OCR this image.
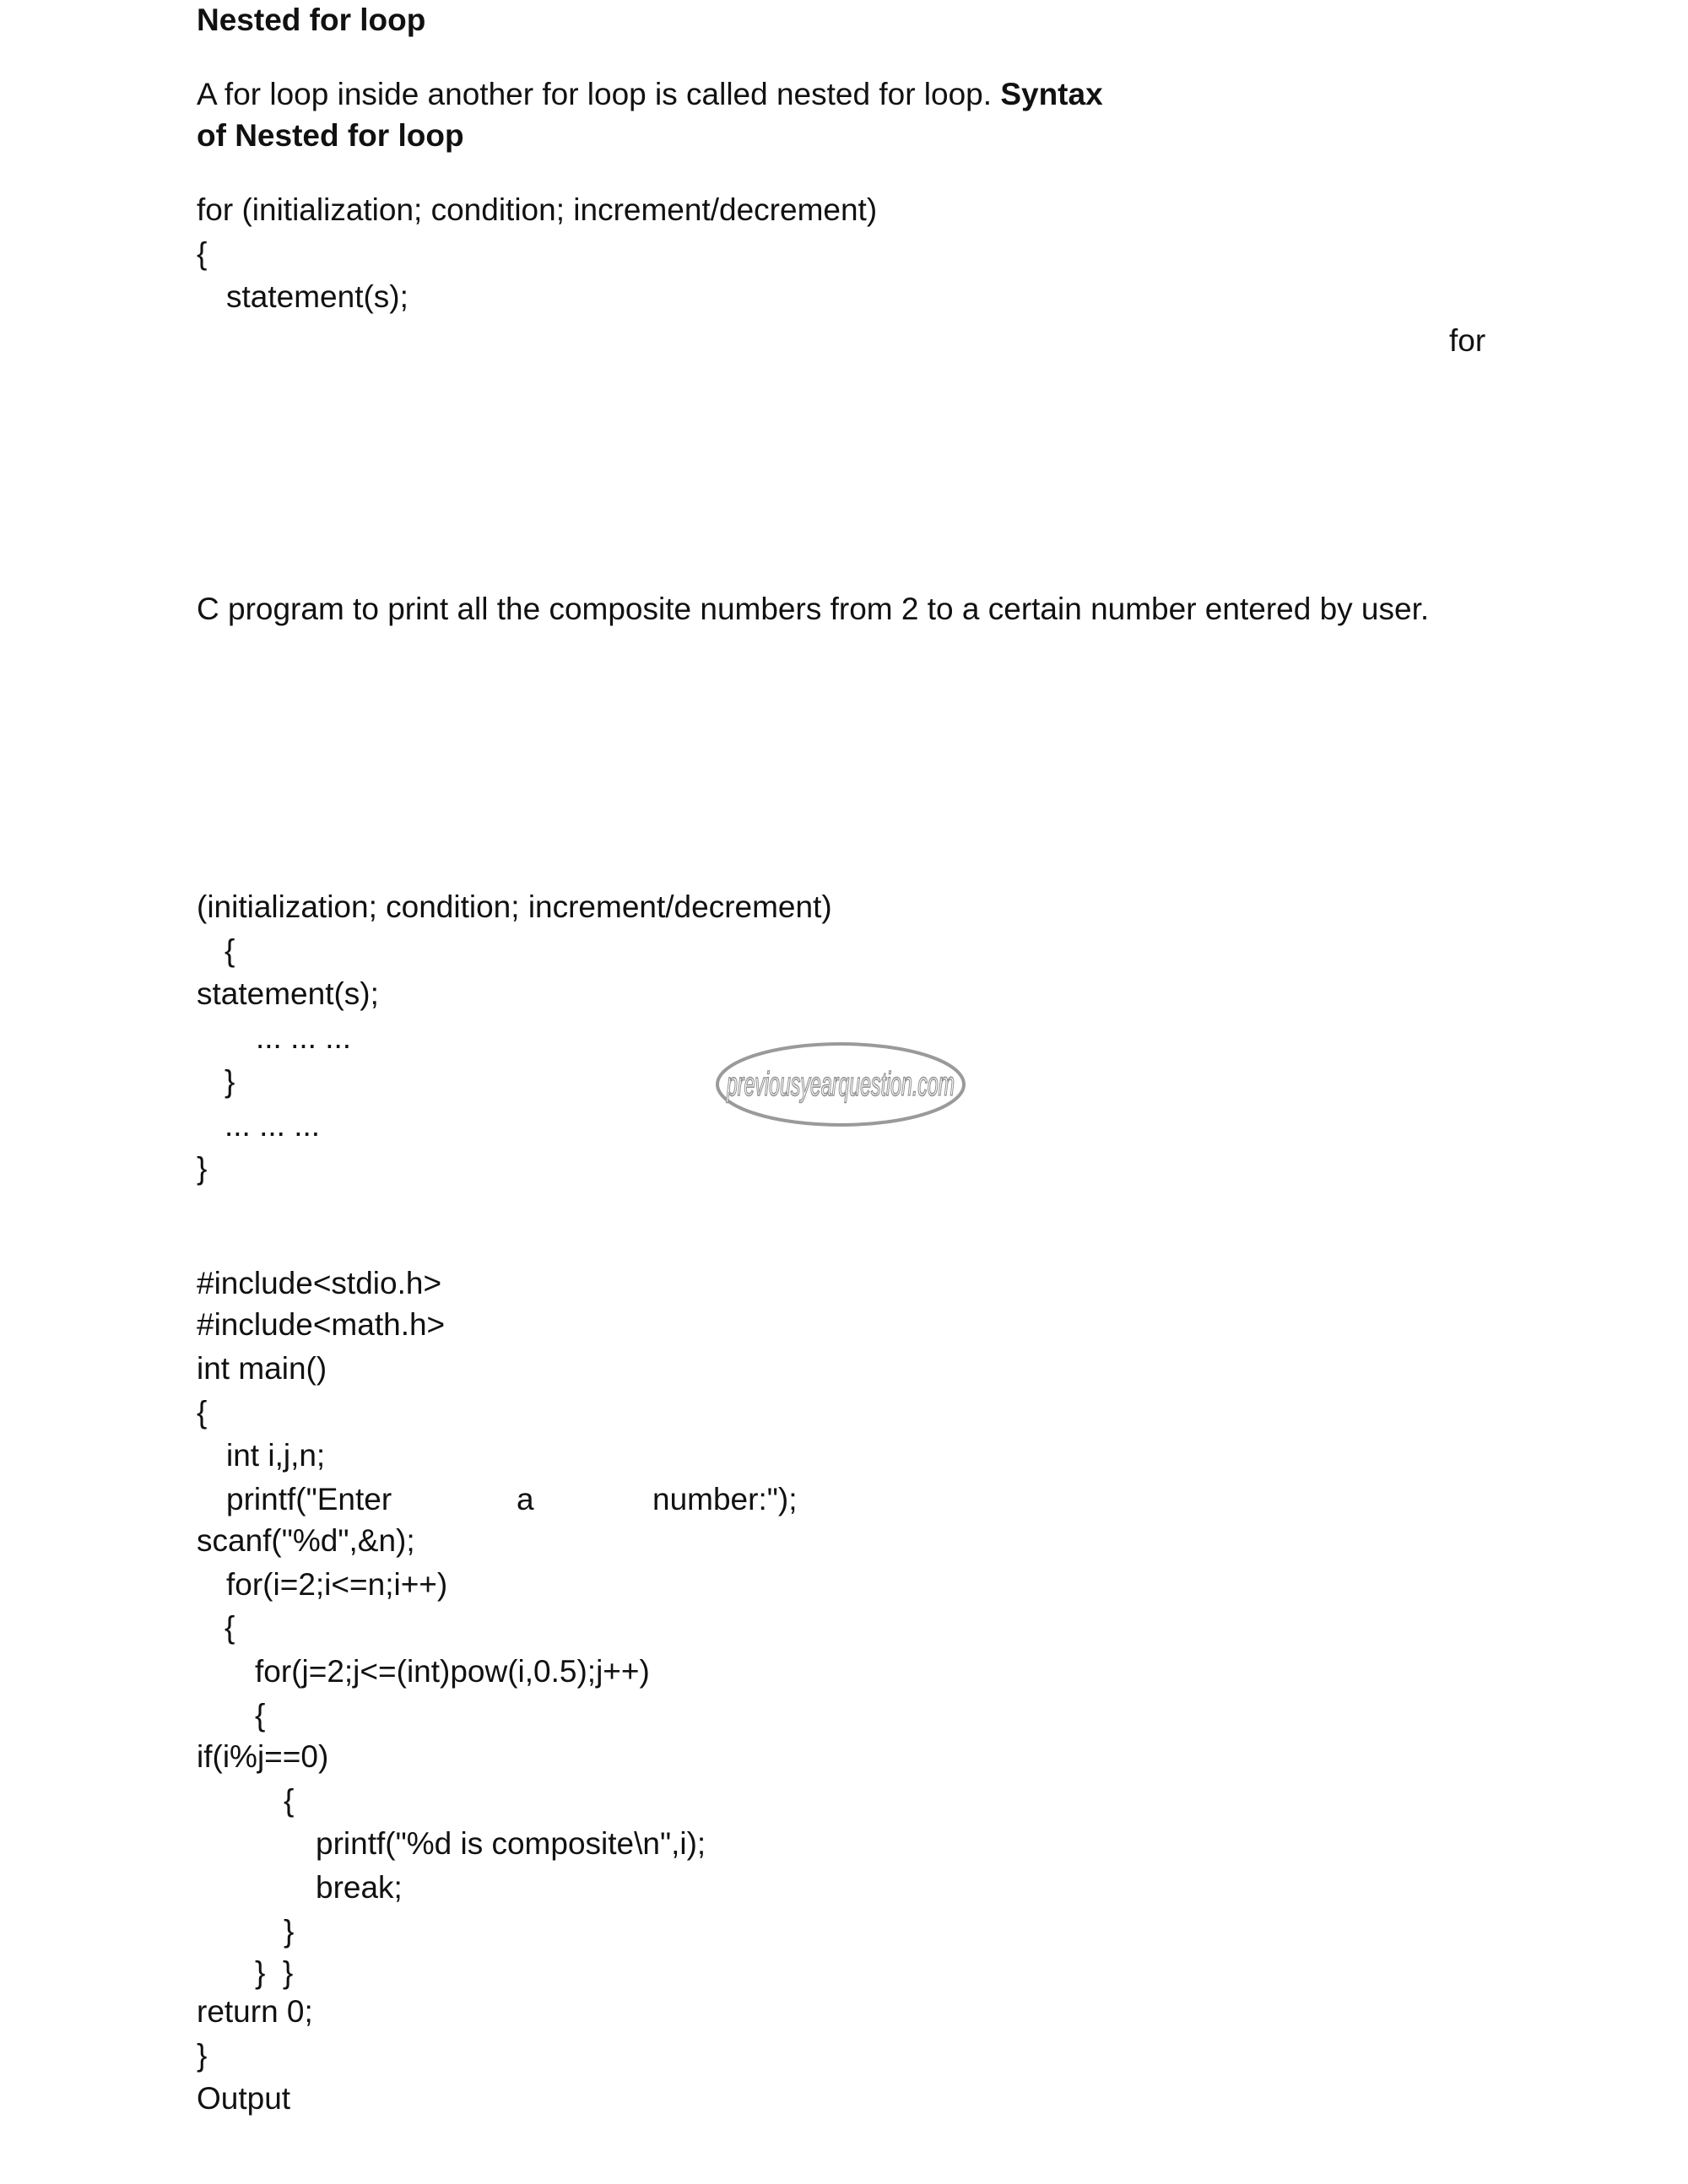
Nested for loop

A for loop inside another for loop is called nested for loop. Syntax

of Nested for loop

for (initialization; condition; increment/decrement)

{

statement(s);

for

C program to print all the composite numbers from 2 to a certain number entered by user.

(initialization; condition; increment/decrement)

{

statement(s);

... ... ...

}

... ... ...

}

previousyearquestion.com

#include<stdio.h>

#include<math.h>

int main()

{

int i,j,n;

printf("Enter	a	number:");

scanf("%d",&n);

for(i=2;i<=n;i++)

{

for(j=2;j<=(int)pow(i,0.5);j++)

{

if(i%j==0)

{

printf("%d is composite\n",i);

break;

}

}  }

return 0;

}

Output
